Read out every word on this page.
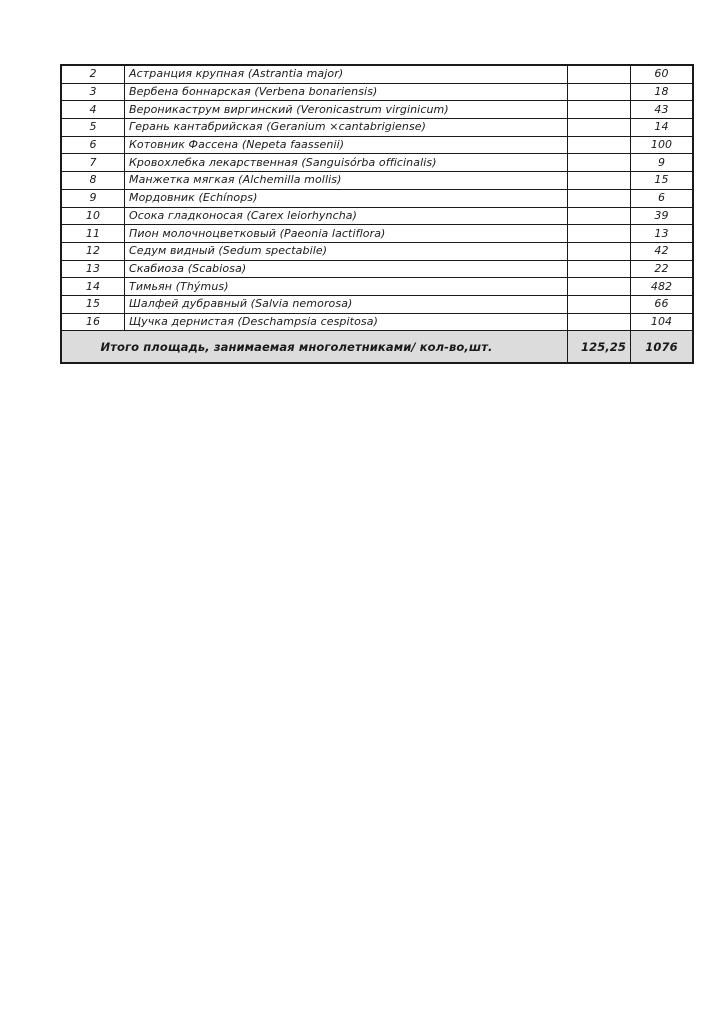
2	Астранция крупная (Astrantia major)		60
3	Вербена боннарская (Verbena bonariensis)		18
4	Вероникаструм виргинский (Veronicastrum virginicum)		43
5	Герань кантабрийская (Geranium ×cantabrigiense)		14
6	Котовник Фассена (Nepeta faassenii)		100
7	Кровохлебка лекарственная (Sanguisórba officinalis)		9
8	Манжетка мягкая (Alchemilla mollis)		15
9	Мордовник (Echínops)		6
10	Осока гладконосая (Carex leiorhyncha)		39
11	Пион молочноцветковый (Paeonia lactiflora)		13
12	Седум видный (Sedum spectabile)		42
13	Скабиоза (Scabiosa)		22
14	Тимьян (Thýmus)		482
15	Шалфей дубравный (Salvia nemorosa)		66
16	Щучка дернистая (Deschampsia cespitosa)		104
Итого площадь, занимаемая многолетниками/ кол-во,шт.		125,25	1076
